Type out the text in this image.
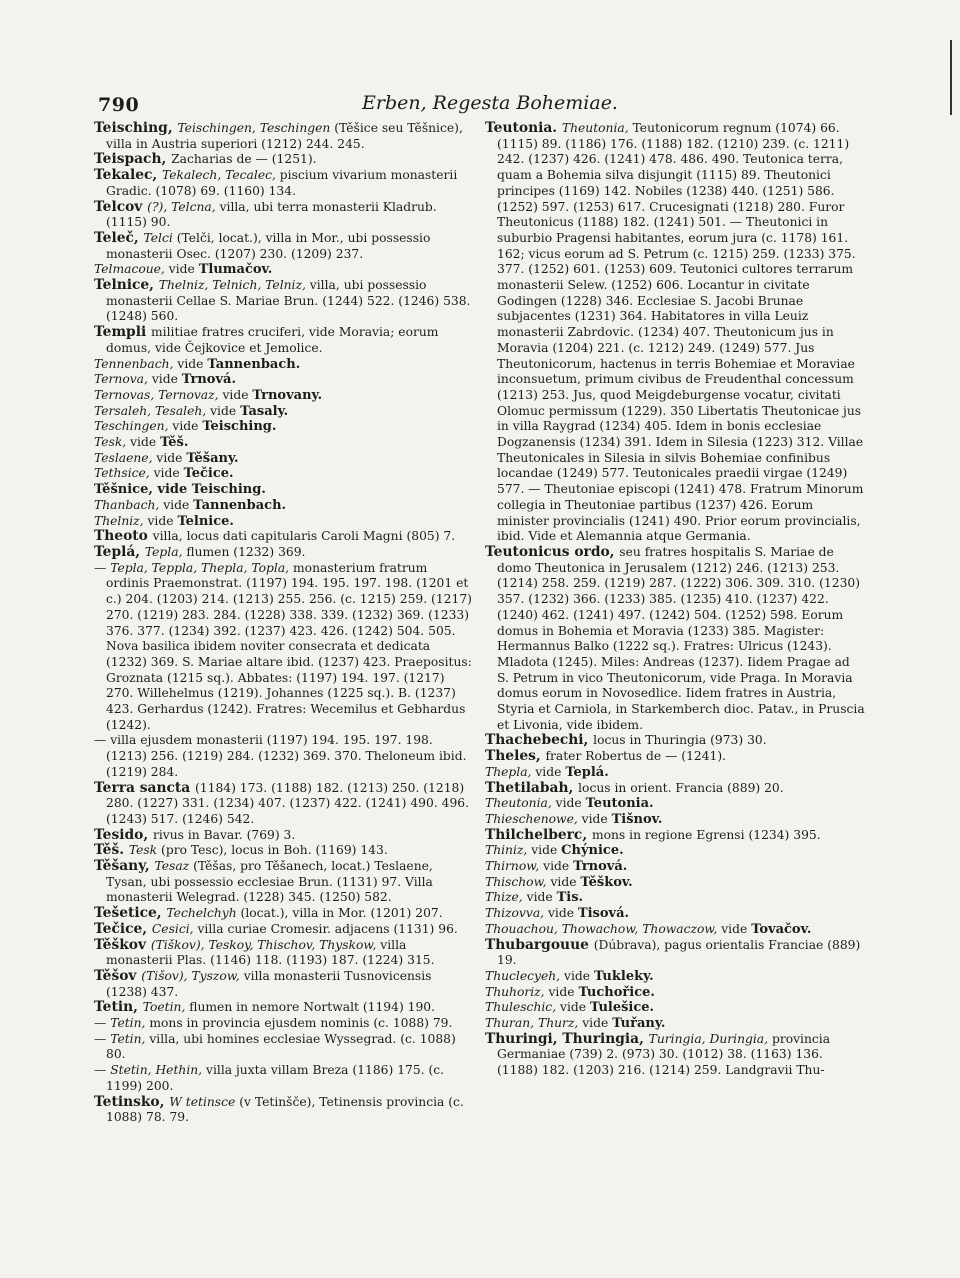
790	Erben, Regesta Bohemiae.

Teisching, Teischingen, Teschingen (Těšice seu Těšnice), villa in Austria superiori (1212) 244. 245.

Teispach, Zacharias de — (1251).

Tekalec, Tekalech, Tecalec, piscium vivarium monasterii Gradic. (1078) 69. (1160) 134.

Telcov (?), Telcna, villa, ubi terra monasterii Kladrub. (1115) 90.

Teleč, Telci (Telči, locat.), villa in Mor., ubi possessio monasterii Osec. (1207) 230. (1209) 237.

Telmacoue, vide Tlumačov.

Telnice, Thelniz, Telnich, Telniz, villa, ubi possessio monasterii Cellae S. Mariae Brun. (1244) 522. (1246) 538. (1248) 560.

Templi militiae fratres cruciferi, vide Moravia; eorum domus, vide Čejkovice et Jemolice.

Tennenbach, vide Tannenbach.

Ternova, vide Trnová.

Ternovas, Ternovaz, vide Trnovany.

Tersaleh, Tesaleh, vide Tasaly.

Teschingen, vide Teisching.

Tesk, vide Těš.

Teslaene, vide Těšany.

Tethsice, vide Tečice.

Těšnice, vide Teisching.

Thanbach, vide Tannenbach.

Thelniz, vide Telnice.

Theoto villa, locus dati capitularis Caroli Magni (805) 7.

Teplá, Tepla, flumen (1232) 369.

— Tepla, Teppla, Thepla, Topla, monasterium fratrum ordinis Praemonstrat. (1197) 194. 195. 197. 198. (1201 et c.) 204. (1203) 214. (1213) 255. 256. (c. 1215) 259. (1217) 270. (1219) 283. 284. (1228) 338. 339. (1232) 369. (1233) 376. 377. (1234) 392. (1237) 423. 426. (1242) 504. 505. Nova basilica ibidem noviter consecrata et dedicata (1232) 369. S. Mariae altare ibid. (1237) 423. Praepositus: Groznata (1215 sq.). Abbates: (1197) 194. 197. (1217) 270. Willehelmus (1219). Johannes (1225 sq.). B. (1237) 423. Gerhardus (1242). Fratres: Wecemilus et Gebhardus (1242).

— villa ejusdem monasterii (1197) 194. 195. 197. 198. (1213) 256. (1219) 284. (1232) 369. 370. Theloneum ibid. (1219) 284.

Terra sancta (1184) 173. (1188) 182. (1213) 250. (1218) 280. (1227) 331. (1234) 407. (1237) 422. (1241) 490. 496. (1243) 517. (1246) 542.

Tesido, rivus in Bavar. (769) 3.

Těš. Tesk (pro Tesc), locus in Boh. (1169) 143.

Těšany, Tesaz (Těšas, pro Těšanech, locat.) Teslaene, Tysan, ubi possessio ecclesiae Brun. (1131) 97. Villa monasterii Welegrad. (1228) 345. (1250) 582.

Tešetice, Techelchyh (locat.), villa in Mor. (1201) 207.

Tečice, Cesici, villa curiae Cromesir. adjacens (1131) 96.

Těškov (Tiškov), Teskoy, Thischov, Thyskow, villa monasterii Plas. (1146) 118. (1193) 187. (1224) 315.

Těšov (Tišov), Tyszow, villa monasterii Tusnovicensis (1238) 437.

Tetin, Toetin, flumen in nemore Nortwalt (1194) 190.

— Tetin, mons in provincia ejusdem nominis (c. 1088) 79.

— Tetin, villa, ubi homines ecclesiae Wyssegrad. (c. 1088) 80.

— Stetin, Hethin, villa juxta villam Breza (1186) 175. (c. 1199) 200.

Tetinsko, W tetinsce (v Tetinšče), Tetinensis provincia (c. 1088) 78. 79.

Teutonia. Theutonia, Teutonicorum regnum (1074) 66. (1115) 89. (1186) 176. (1188) 182. (1210) 239. (c. 1211) 242. (1237) 426. (1241) 478. 486. 490. Teutonica terra, quam a Bohemia silva disjungit (1115) 89. Theutonici principes (1169) 142. Nobiles (1238) 440. (1251) 586. (1252) 597. (1253) 617. Crucesignati (1218) 280. Furor Theutonicus (1188) 182. (1241) 501. — Theutonici in suburbio Pragensi habitantes, eorum jura (c. 1178) 161. 162; vicus eorum ad S. Petrum (c. 1215) 259. (1233) 375. 377. (1252) 601. (1253) 609. Teutonici cultores terrarum monasterii Selew. (1252) 606. Locantur in civitate Godingen (1228) 346. Ecclesiae S. Jacobi Brunae subjacentes (1231) 364. Habitatores in villa Leuiz monasterii Zabrdovic. (1234) 407. Theutonicum jus in Moravia (1204) 221. (c. 1212) 249. (1249) 577. Jus Theutonicorum, hactenus in terris Bohemiae et Moraviae inconsuetum, primum civibus de Freudenthal concessum (1213) 253. Jus, quod Meigdeburgense vocatur, civitati Olomuc permissum (1229). 350 Libertatis Theutonicae jus in villa Raygrad (1234) 405. Idem in bonis ecclesiae Dogzanensis (1234) 391. Idem in Silesia (1223) 312. Villae Theutonicales in Silesia in silvis Bohemiae confinibus locandae (1249) 577. Teutonicales praedii virgae (1249) 577. — Theutoniae episcopi (1241) 478. Fratrum Minorum collegia in Theutoniae partibus (1237) 426. Eorum minister provincialis (1241) 490. Prior eorum provincialis, ibid. Vide et Alemannia atque Germania.

Teutonicus ordo, seu fratres hospitalis S. Mariae de domo Theutonica in Jerusalem (1212) 246. (1213) 253. (1214) 258. 259. (1219) 287. (1222) 306. 309. 310. (1230) 357. (1232) 366. (1233) 385. (1235) 410. (1237) 422. (1240) 462. (1241) 497. (1242) 504. (1252) 598. Eorum domus in Bohemia et Moravia (1233) 385. Magister: Hermannus Balko (1222 sq.). Fratres: Ulricus (1243). Mladota (1245). Miles: Andreas (1237). Iidem Pragae ad S. Petrum in vico Theutonicorum, vide Praga. In Moravia domus eorum in Novosedlice. Iidem fratres in Austria, Styria et Carniola, in Starkemberch dioc. Patav., in Pruscia et Livonia, vide ibidem.

Thachebechi, locus in Thuringia (973) 30.

Theles, frater Robertus de — (1241).

Thepla, vide Teplá.

Thetilabah, locus in orient. Francia (889) 20.

Theutonia, vide Teutonia.

Thieschenowe, vide Tišnov.

Thilchelberc, mons in regione Egrensi (1234) 395.

Thiniz, vide Chýnice.

Thirnow, vide Trnová.

Thischow, vide Těškov.

Thize, vide Tis.

Thizovva, vide Tisová.

Thouachou, Thowachow, Thowaczow, vide Tovačov.

Thubargouue (Dúbrava), pagus orientalis Franciae (889) 19.

Thuclecyeh, vide Tukleky.

Thuhoriz, vide Tuchořice.

Thuleschic, vide Tulešice.

Thuran, Thurz, vide Tuřany.

Thuringi, Thuringia, Turingia, Duringia, provincia Germaniae (739) 2. (973) 30. (1012) 38. (1163) 136. (1188) 182. (1203) 216. (1214) 259. Landgravii Thu-
